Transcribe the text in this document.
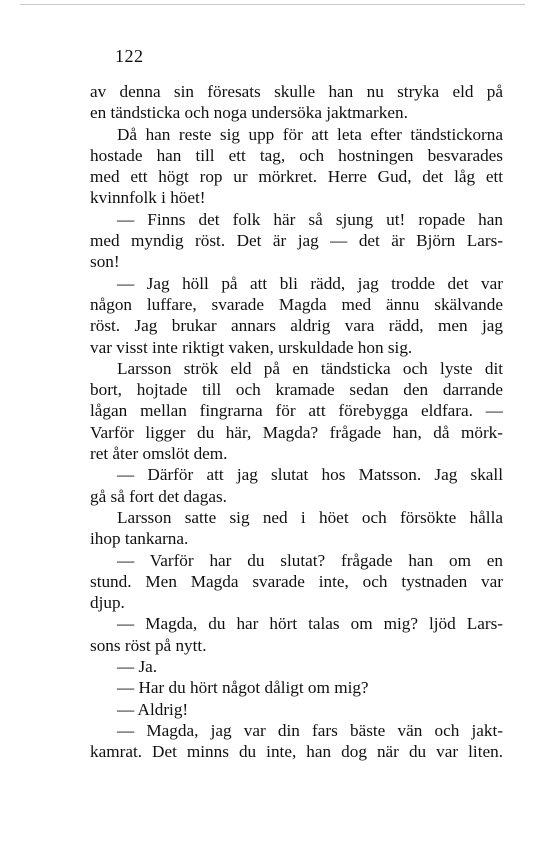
122
av denna sin föresats skulle han nu stryka eld på
en tändsticka och noga undersöka jaktmarken.
Då han reste sig upp för att leta efter tändstickorna
hostade han till ett tag, och hostningen besvarades
med ett högt rop ur mörkret. Herre Gud, det låg ett
kvinnfolk i höet!
— Finns det folk här så sjung ut! ropade han
med myndig röst. Det är jag — det är Björn Lars-
son!
— Jag höll på att bli rädd, jag trodde det var
någon luffare, svarade Magda med ännu skälvande
röst. Jag brukar annars aldrig vara rädd, men jag
var visst inte riktigt vaken, urskuldade hon sig.
Larsson strök eld på en tändsticka och lyste dit
bort, hojtade till och kramade sedan den darrande
lågan mellan fingrarna för att förebygga eldfara. —
Varför ligger du här, Magda? frågade han, då mörk-
ret åter omslöt dem.
— Därför att jag slutat hos Matsson. Jag skall
gå så fort det dagas.
Larsson satte sig ned i höet och försökte hålla
ihop tankarna.
— Varför har du slutat? frågade han om en
stund. Men Magda svarade inte, och tystnaden var
djup.
— Magda, du har hört talas om mig? ljöd Lars-
sons röst på nytt.
— Ja.
— Har du hört något dåligt om mig?
— Aldrig!
— Magda, jag var din fars bäste vän och jakt-
kamrat. Det minns du inte, han dog när du var liten.
